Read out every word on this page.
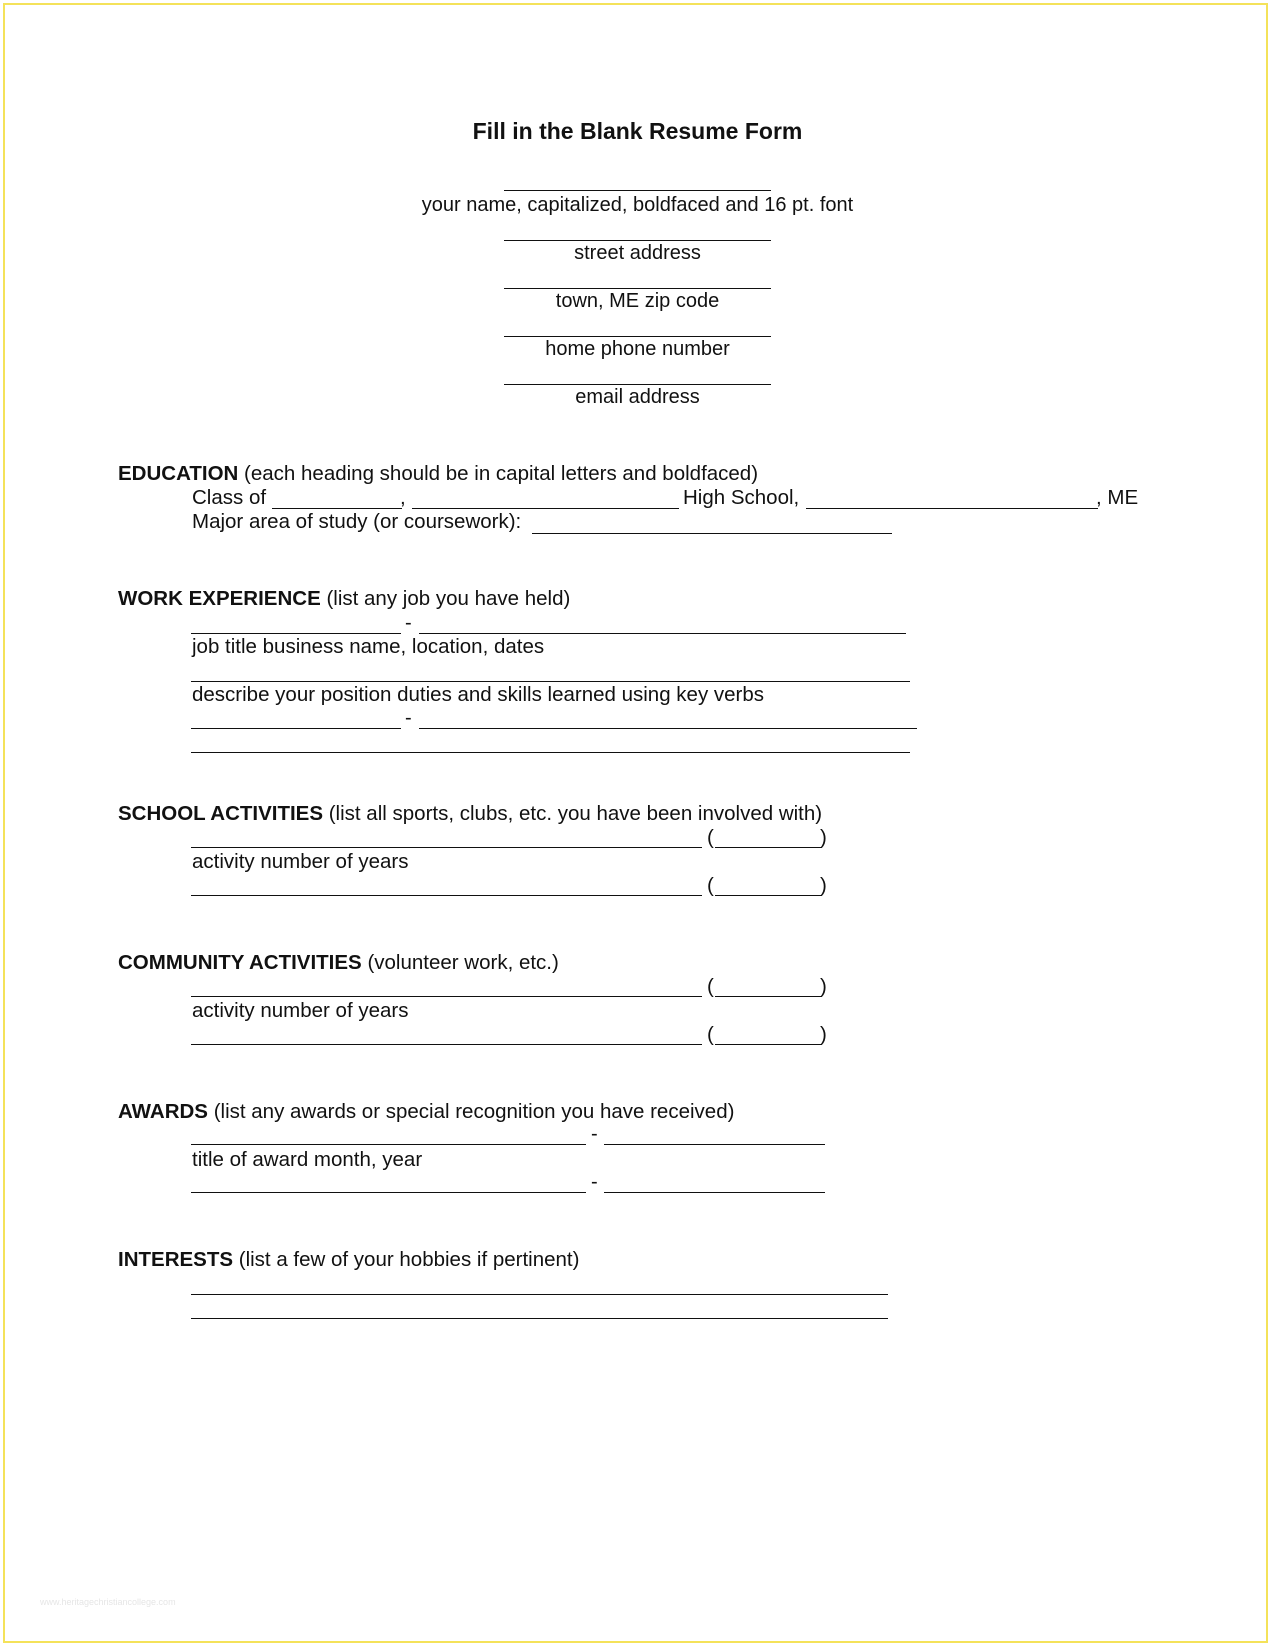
Fill in the Blank Resume Form
your name, capitalized, boldfaced and 16 pt. font
street address
town, ME zip code
home phone number
email address
EDUCATION (each heading should be in capital letters and boldfaced)
Class of	,	High School,	, ME
Major area of study (or coursework):
WORK EXPERIENCE (list any job you have held)
-
job title business name, location, dates
describe your position duties and skills learned using key verbs
-
SCHOOL ACTIVITIES (list all sports, clubs, etc. you have been involved with)
(	)
activity number of years
(	)
COMMUNITY ACTIVITIES (volunteer work, etc.)
(	)
activity number of years
(	)
AWARDS (list any awards or special recognition you have received)
-
title of award month, year
-
INTERESTS (list a few of your hobbies if pertinent)
www.heritagechristiancollege.com
